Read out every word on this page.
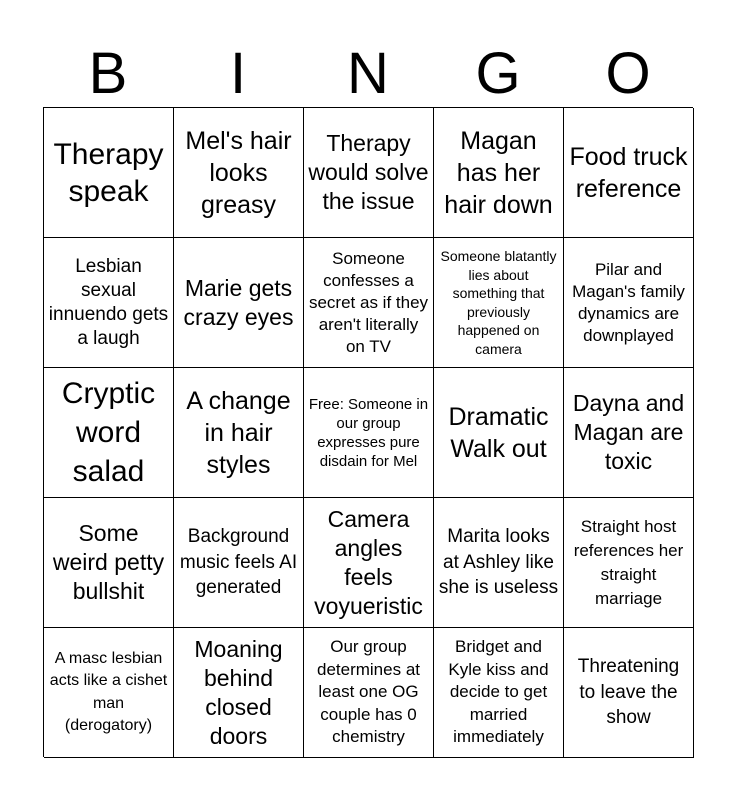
B	I	N	G	O
Therapy speak
Mel's hair looks greasy
Therapy would solve the issue
Magan has her hair down
Food truck reference
Lesbian sexual innuendo gets a laugh
Marie gets crazy eyes
Someone confesses a secret as if they aren't literally on TV
Someone blatantly lies about something that previously happened on camera
Pilar and Magan's family dynamics are downplayed
Cryptic word salad
A change in hair styles
Free: Someone in our group expresses pure disdain for Mel
Dramatic Walk out
Dayna and Magan are toxic
Some weird petty bullshit
Background music feels AI generated
Camera angles feels voyueristic
Marita looks at Ashley like she is useless
Straight host references her straight marriage
A masc lesbian acts like a cishet man (derogatory)
Moaning behind closed doors
Our group determines at least one OG couple has 0 chemistry
Bridget and Kyle kiss and decide to get married immediately
Threatening to leave the show
